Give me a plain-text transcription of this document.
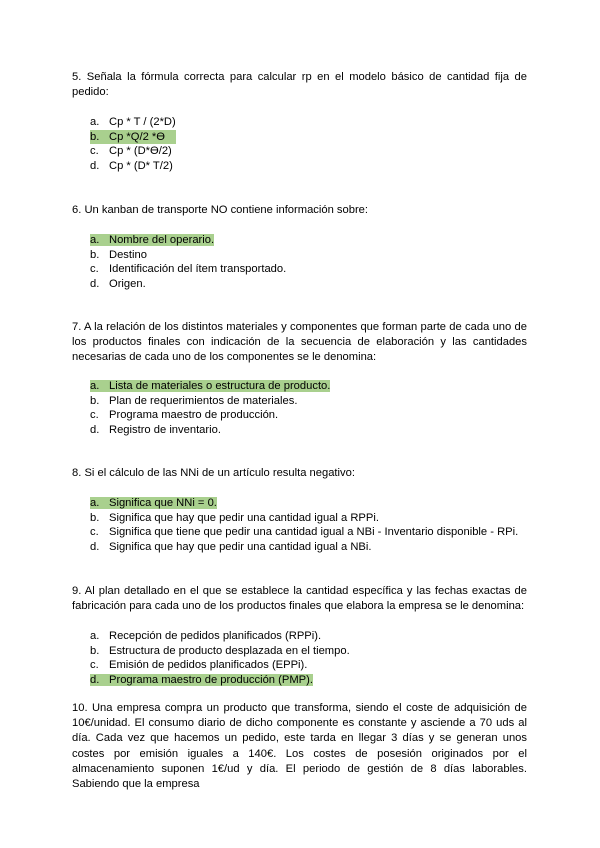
5. Señala la fórmula correcta para calcular rp en el modelo básico de cantidad fija de pedido:

a. Cp * T / (2*D)
b. Cp *Q/2 *Ɵ
c. Cp * (D*Ɵ/2)
d. Cp * (D* T/2)

6. Un kanban de transporte NO contiene información sobre:

a. Nombre del operario.
b. Destino
c. Identificación del ítem transportado.
d. Origen.

7. A la relación de los distintos materiales y componentes que forman parte de cada uno de los productos finales con indicación de la secuencia de elaboración y las cantidades necesarias de cada uno de los componentes se le denomina:

a. Lista de materiales o estructura de producto.
b. Plan de requerimientos de materiales.
c. Programa maestro de producción.
d. Registro de inventario.

8. Si el cálculo de las NNi de un artículo resulta negativo:

a. Significa que NNi = 0.
b. Significa que hay que pedir una cantidad igual a RPPi.
c. Significa que tiene que pedir una cantidad igual a NBi - Inventario disponible - RPi.
d. Significa que hay que pedir una cantidad igual a NBi.

9. Al plan detallado en el que se establece la cantidad específica y las fechas exactas de fabricación para cada uno de los productos finales que elabora la empresa se le denomina:

a. Recepción de pedidos planificados (RPPi).
b. Estructura de producto desplazada en el tiempo.
c. Emisión de pedidos planificados (EPPi).
d. Programa maestro de producción (PMP).

10. Una empresa compra un producto que transforma, siendo el coste de adquisición de 10€/unidad. El consumo diario de dicho componente es constante y asciende a 70 uds al día. Cada vez que hacemos un pedido, este tarda en llegar 3 días y se generan unos costes por emisión iguales a 140€. Los costes de posesión originados por el almacenamiento suponen 1€/ud y día. El periodo de gestión de 8 días laborables. Sabiendo que la empresa
